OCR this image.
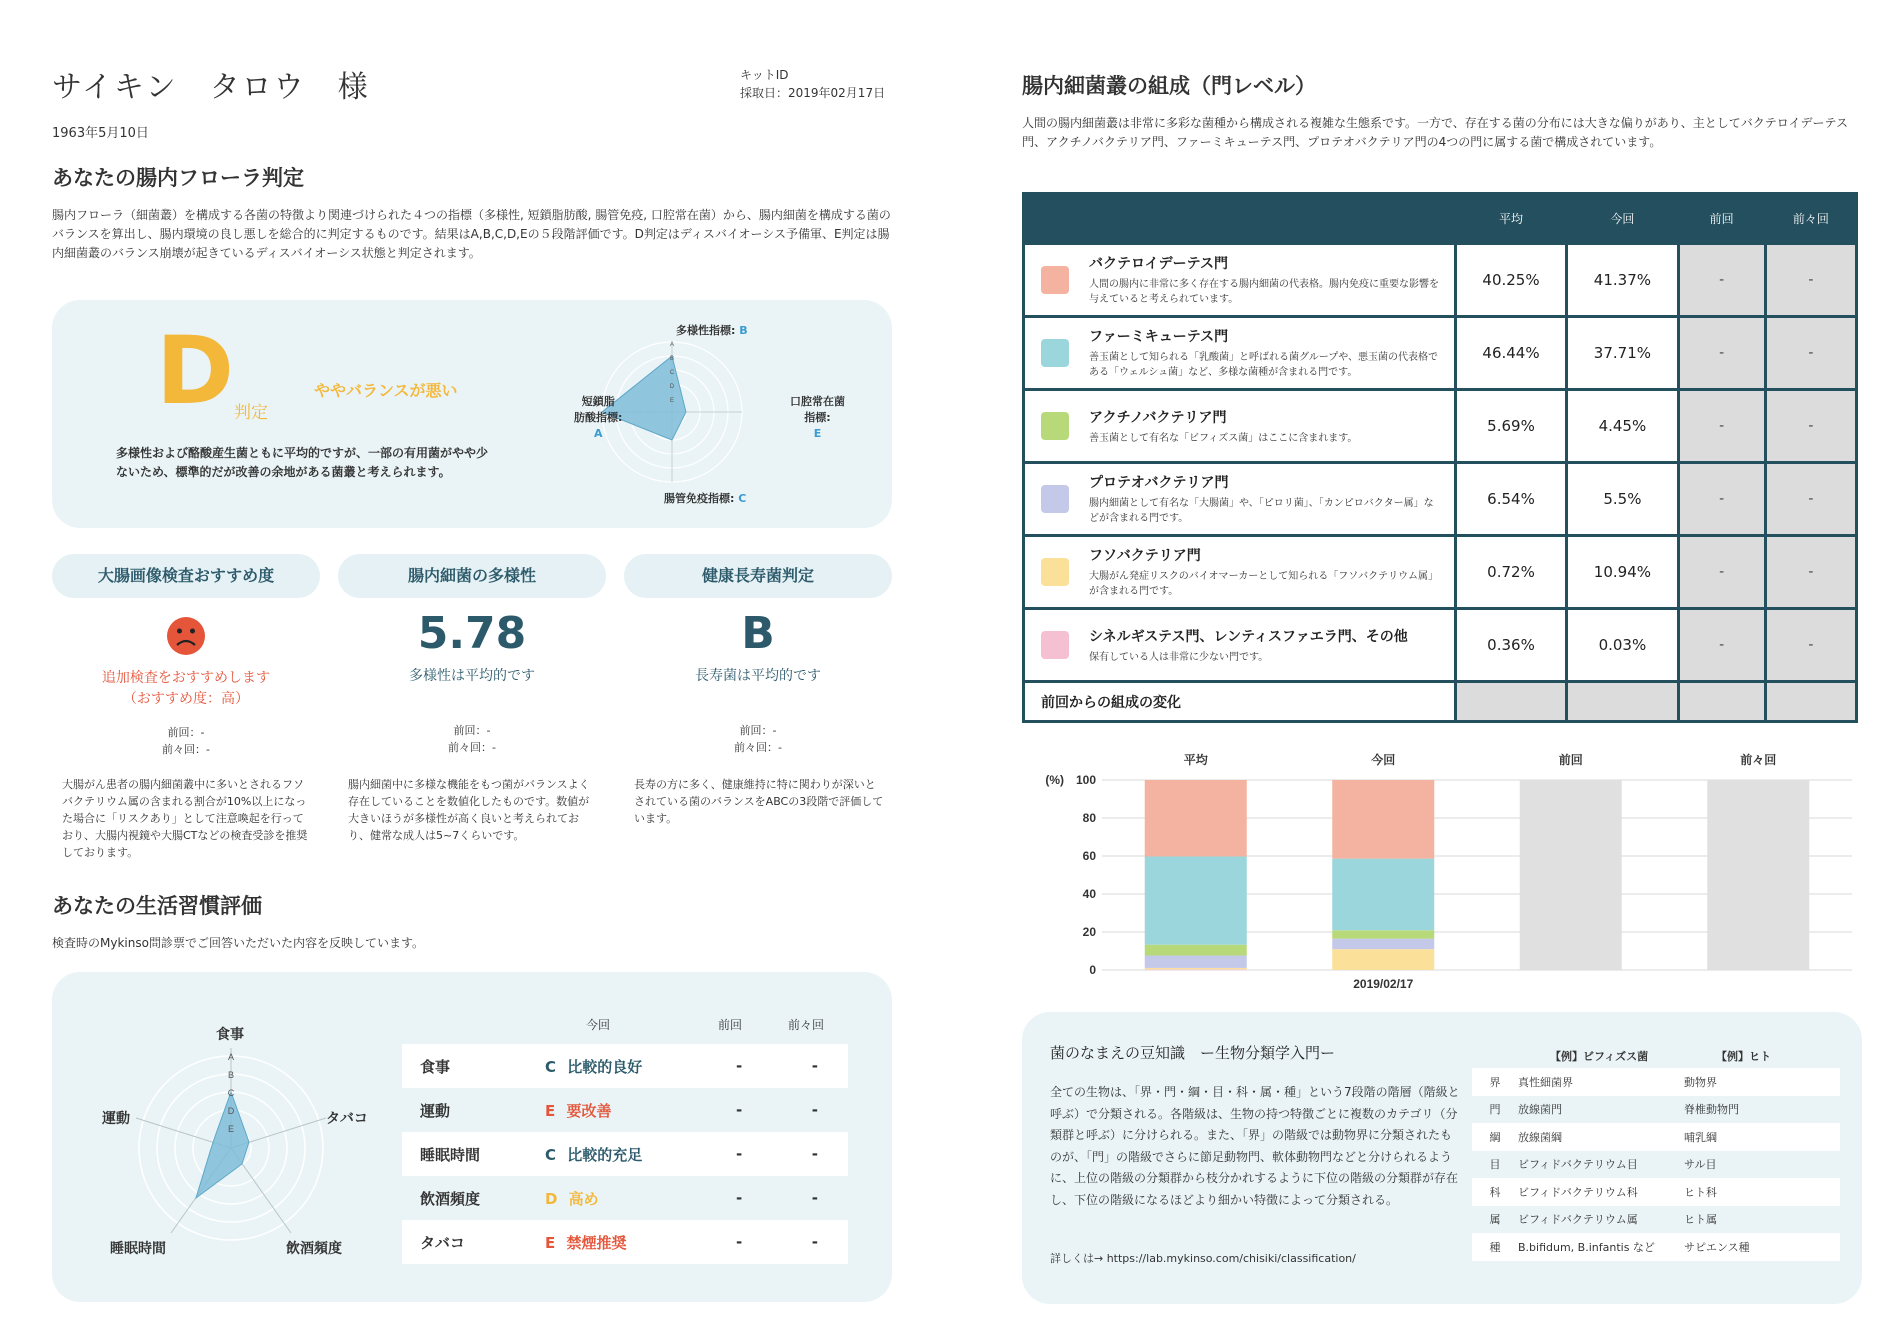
サイキン　タロウ　様	キットID
採取日：2019年02月17日
1963年5月10日
あなたの腸内フローラ判定
腸内フローラ（細菌叢）を構成する各菌の特徴より関連づけられた４つの指標（多様性, 短鎖脂肪酸, 腸管免疫, 口腔常在菌）から、腸内細菌を構成する菌のバランスを算出し、腸内環境の良し悪しを総合的に判定するものです。結果はA,B,C,D,Eの５段階評価です。D判定はディスバイオーシス予備軍、E判定は腸内細菌叢のバランス崩壊が起きているディスバイオーシス状態と判定されます。
D 判定
ややバランスが悪い
多様性および酪酸産生菌ともに平均的ですが、一部の有用菌がやや少ないため、標準的だが改善の余地がある菌叢と考えられます。
A
B
C
D
E
多様性指標: B
口腔常在菌
指標:
E
腸管免疫指標: C
短鎖脂
肪酸指標:
A
大腸画像検査おすすめ度	腸内細菌の多様性	健康長寿菌判定
追加検査をおすすめします
（おすすめ度：高）
前回：-
前々回：-
大腸がん患者の腸内細菌叢中に多いとされるフソバクテリウム属の含まれる割合が10%以上になった場合に「リスクあり」として注意喚起を行っており、大腸内視鏡や大腸CTなどの検査受診を推奨しております。
5.78
多様性は平均的です
前回：-
前々回：-
腸内細菌中に多様な機能をもつ菌がバランスよく存在していることを数値化したものです。数値が大きいほうが多様性が高く良いと考えられており、健常な成人は5~7くらいです。
B
長寿菌は平均的です
前回：-
前々回：-
長寿の方に多く、健康維持に特に関わりが深いとされている菌のバランスをABCの3段階で評価しています。
あなたの生活習慣評価
検査時のMykinso問診票でご回答いただいた内容を反映しています。
A
B
C
D
E
食事
タバコ
飲酒頻度
睡眠時間
運動
今回	前回	前々回
食事	C 比較的良好	-	-
運動	E 要改善	-	-
睡眠時間	C 比較的充足	-	-
飲酒頻度	D 高め	-	-
タバコ	E 禁煙推奨	-	-
腸内細菌叢の組成（門レベル）
人間の腸内細菌叢は非常に多彩な菌種から構成される複雑な生態系です。一方で、存在する菌の分布には大きな偏りがあり、主としてバクテロイデーテス門、アクチノバクテリア門、ファーミキューテス門、プロテオバクテリア門の4つの門に属する菌で構成されています。
	平均	今回	前回	前々回

バクテロイデーテス門
人間の腸内に非常に多く存在する腸内細菌の代表格。腸内免疫に重要な影響を与えていると考えられています。	40.25%	41.37%	-	-

ファーミキューテス門
善玉菌として知られる「乳酸菌」と呼ばれる菌グループや、悪玉菌の代表格である「ウェルシュ菌」など、多様な菌種が含まれる門です。	46.44%	37.71%	-	-

アクチノバクテリア門
善玉菌として有名な「ビフィズス菌」はここに含まれます。	5.69%	4.45%	-	-

プロテオバクテリア門
腸内細菌として有名な「大腸菌」や、「ピロリ菌」、「カンピロバクター属」などが含まれる門です。	6.54%	5.5%	-	-

フソバクテリア門
大腸がん発症リスクのバイオマーカーとして知られる「フソバクテリウム属」が含まれる門です。	0.72%	10.94%	-	-

シネルギステス門、レンティスファエラ門、その他
保有している人は非常に少ない門です。	0.36%	0.03%	-	-
前回からの組成の変化				
0
20
40
60
80
100
(%)
平均	今回	前回	前々回
2019/02/17
菌のなまえの豆知識　ー生物分類学入門ー
全ての生物は、「界・門・綱・目・科・属・種」という7段階の階層（階級と呼ぶ）で分類される。各階級は、生物の持つ特徴ごとに複数のカテゴリ（分類群と呼ぶ）に分けられる。また、「界」の階級では動物界に分類されたものが、「門」の階級でさらに節足動物門、軟体動物門などと分けられるように、上位の階級の分類群から枝分かれするように下位の階級の分類群が存在し、下位の階級になるほどより細かい特徴によって分類される。
詳しくは→ https://lab.mykinso.com/chisiki/classification/
【例】ビフィズス菌	【例】ヒト
界	真性細菌界	動物界
門	放線菌門	脊椎動物門
綱	放線菌綱	哺乳綱
目	ビフィドバクテリウム目	サル目
科	ビフィドバクテリウム科	ヒト科
属	ビフィドバクテリウム属	ヒト属
種	B.bifidum, B.infantis など	サピエンス種
